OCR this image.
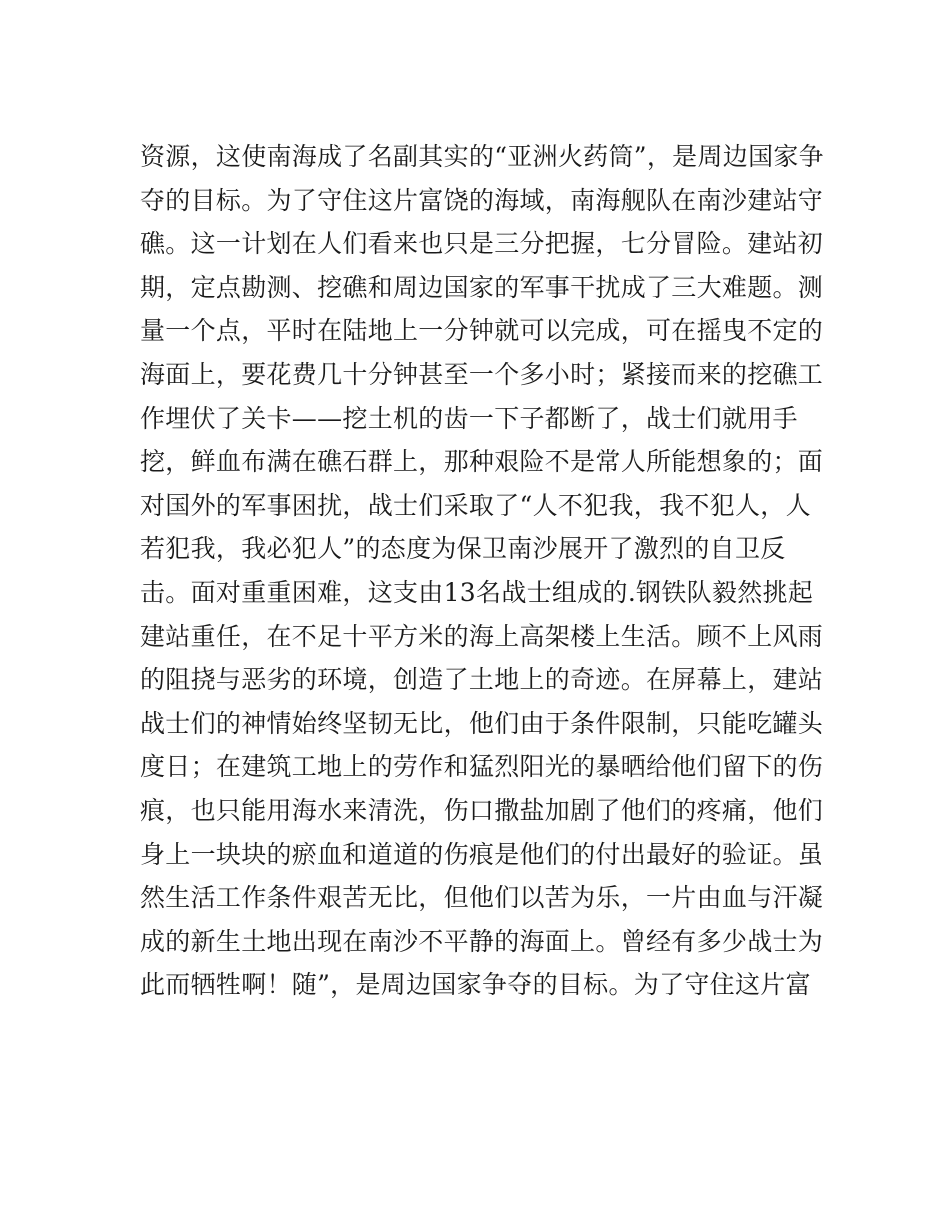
资源，这使南海成了名副其实的“亚洲火药筒”，是周边国家争
夺的目标。为了守住这片富饶的海域，南海舰队在南沙建站守
礁。这一计划在人们看来也只是三分把握，七分冒险。建站初
期，定点勘测、挖礁和周边国家的军事干扰成了三大难题。测
量一个点，平时在陆地上一分钟就可以完成，可在摇曳不定的
海面上，要花费几十分钟甚至一个多小时；紧接而来的挖礁工
作埋伏了关卡——挖土机的齿一下子都断了，战士们就用手
挖，鲜血布满在礁石群上，那种艰险不是常人所能想象的；面
对国外的军事困扰，战士们采取了“人不犯我，我不犯人，人
若犯我，我必犯人”的态度为保卫南沙展开了激烈的自卫反
击。面对重重困难，这支由13名战士组成的.钢铁队毅然挑起
建站重任，在不足十平方米的海上高架楼上生活。顾不上风雨
的阻挠与恶劣的环境，创造了土地上的奇迹。在屏幕上，建站
战士们的神情始终坚韧无比，他们由于条件限制，只能吃罐头
度日；在建筑工地上的劳作和猛烈阳光的暴晒给他们留下的伤
痕，也只能用海水来清洗，伤口撒盐加剧了他们的疼痛，他们
身上一块块的瘀血和道道的伤痕是他们的付出最好的验证。虽
然生活工作条件艰苦无比，但他们以苦为乐，一片由血与汗凝
成的新生土地出现在南沙不平静的海面上。曾经有多少战士为
此而牺牲啊！随”，是周边国家争夺的目标。为了守住这片富
